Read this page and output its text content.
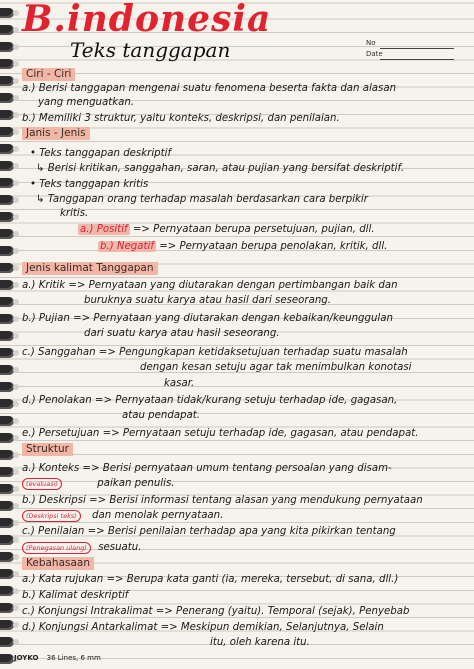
B.indonesia
Teks tanggapan	No
Date
Ciri - Ciri
a.) Berisi tanggapan mengenai suatu fenomena beserta fakta dan alasan
yang menguatkan.
b.) Memiliki 3 struktur, yaitu konteks, deskripsi, dan penilaian.
Janis - Jenis
• Teks tanggapan deskriptif
↳ Berisi kritikan, sanggahan, saran, atau pujian yang bersifat deskriptif.
• Teks tanggapan kritis
↳ Tanggapan orang terhadap masalah berdasarkan cara berpikir
kritis.
a.) Positif => Pernyataan berupa persetujuan, pujian, dll.
b.) Negatif => Pernyataan berupa penolakan, kritik, dll.
Jenis kalimat Tanggapan
a.) Kritik => Pernyataan yang diutarakan dengan pertimbangan baik dan
buruknya suatu karya atau hasil dari seseorang.
b.) Pujian => Pernyataan yang diutarakan dengan kebaikan/keunggulan
dari suatu karya atau hasil seseorang.
c.) Sanggahan => Pengungkapan ketidaksetujuan terhadap suatu masalah
dengan kesan setuju agar tak menimbulkan konotasi
kasar.
d.) Penolakan => Pernyataan tidak/kurang setuju terhadap ide, gagasan,
atau pendapat.
e.) Persetujuan => Pernyataan setuju terhadap ide, gagasan, atau pendapat.
Struktur
a.) Konteks => Berisi pernyataan umum tentang persoalan yang disam-
(evaluasi)	paikan penulis.
b.) Deskripsi => Berisi informasi tentang alasan yang mendukung pernyataan
(Deskripsi teks) dan menolak pernyataan.
c.) Penilaian => Berisi penilaian terhadap apa yang kita pikirkan tentang
(Penegasan ulang) sesuatu.
Kebahasaan
a.) Kata rujukan => Berupa kata ganti (ia, mereka, tersebut, di sana, dll.)
b.) Kalimat deskriptif
c.) Konjungsi Intrakalimat => Penerang (yaitu). Temporal (sejak), Penyebab
d.) Konjungsi Antarkalimat => Meskipun demikian, Selanjutnya, Selain
itu, oleh karena itu.
JOYKO 36 Lines, 6 mm
